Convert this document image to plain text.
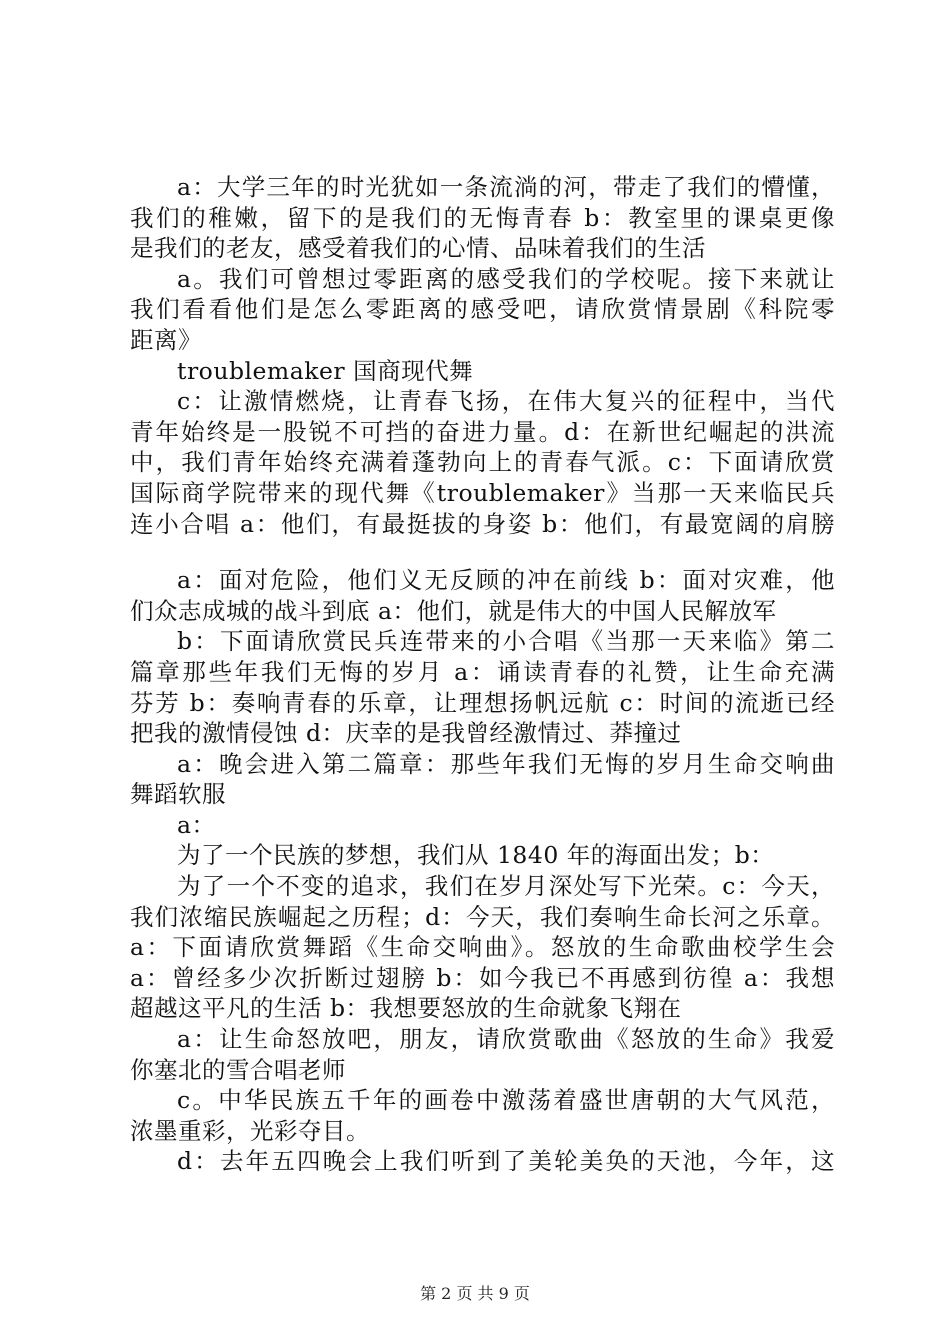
a：大学三年的时光犹如一条流淌的河，带走了我们的懵懂，
我们的稚嫩，留下的是我们的无悔青春 b：教室里的课桌更像
是我们的老友，感受着我们的心情、品味着我们的生活
a。我们可曾想过零距离的感受我们的学校呢。接下来就让
我们看看他们是怎么零距离的感受吧，请欣赏情景剧《科院零
距离》
troublemaker 国商现代舞
c：让激情燃烧，让青春飞扬，在伟大复兴的征程中，当代
青年始终是一股锐不可挡的奋进力量。d：在新世纪崛起的洪流
中，我们青年始终充满着蓬勃向上的青春气派。c：下面请欣赏
国际商学院带来的现代舞《troublemaker》当那一天来临民兵
连小合唱 a：他们，有最挺拔的身姿 b：他们，有最宽阔的肩膀
a：面对危险，他们义无反顾的冲在前线 b：面对灾难，他
们众志成城的战斗到底 a：他们，就是伟大的中国人民解放军
b：下面请欣赏民兵连带来的小合唱《当那一天来临》第二
篇章那些年我们无悔的岁月 a：诵读青春的礼赞，让生命充满
芬芳 b：奏响青春的乐章，让理想扬帆远航 c：时间的流逝已经
把我的激情侵蚀 d：庆幸的是我曾经激情过、莽撞过
a：晚会进入第二篇章：那些年我们无悔的岁月生命交响曲
舞蹈软服
a：
为了一个民族的梦想，我们从 1840 年的海面出发；b：
为了一个不变的追求，我们在岁月深处写下光荣。c：今天，
我们浓缩民族崛起之历程；d：今天，我们奏响生命长河之乐章。
a：下面请欣赏舞蹈《生命交响曲》。怒放的生命歌曲校学生会
a：曾经多少次折断过翅膀 b：如今我已不再感到彷徨 a：我想
超越这平凡的生活 b：我想要怒放的生命就象飞翔在
a：让生命怒放吧，朋友，请欣赏歌曲《怒放的生命》我爱
你塞北的雪合唱老师
c。中华民族五千年的画卷中激荡着盛世唐朝的大气风范，
浓墨重彩，光彩夺目。
d：去年五四晚会上我们听到了美轮美奂的天池，今年，这
第 2 页 共 9 页
